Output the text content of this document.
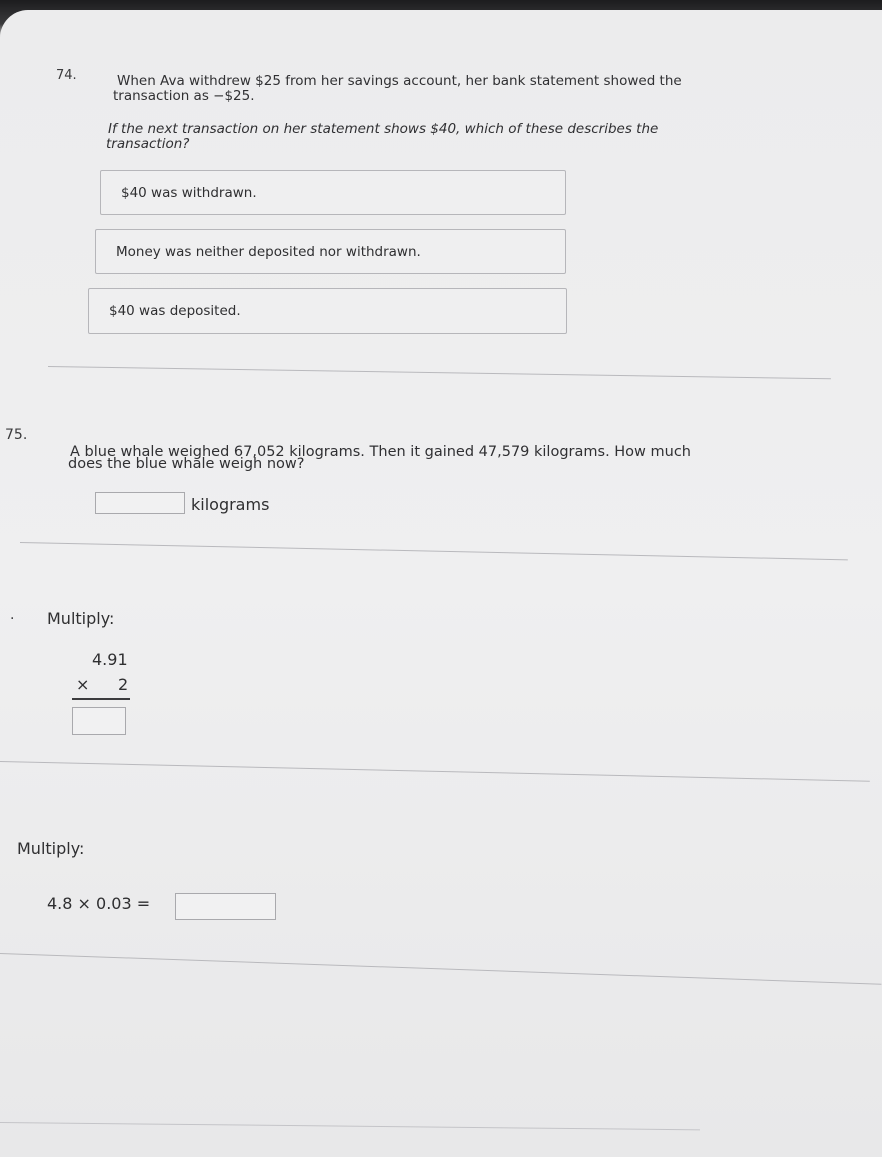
74.	When Ava withdrew $25 from her savings account, her bank statement showed the
transaction as −$25.
If the next transaction on her statement shows $40, which of these describes the
transaction?
$40 was withdrawn.
Money was neither deposited nor withdrawn.
$40 was deposited.
75.
A blue whale weighed 67,052 kilograms. Then it gained 47,579 kilograms. How much
does the blue whale weigh now?
kilograms
. Multiply:
4.91
× 2
Multiply:
4.8 × 0.03 =
